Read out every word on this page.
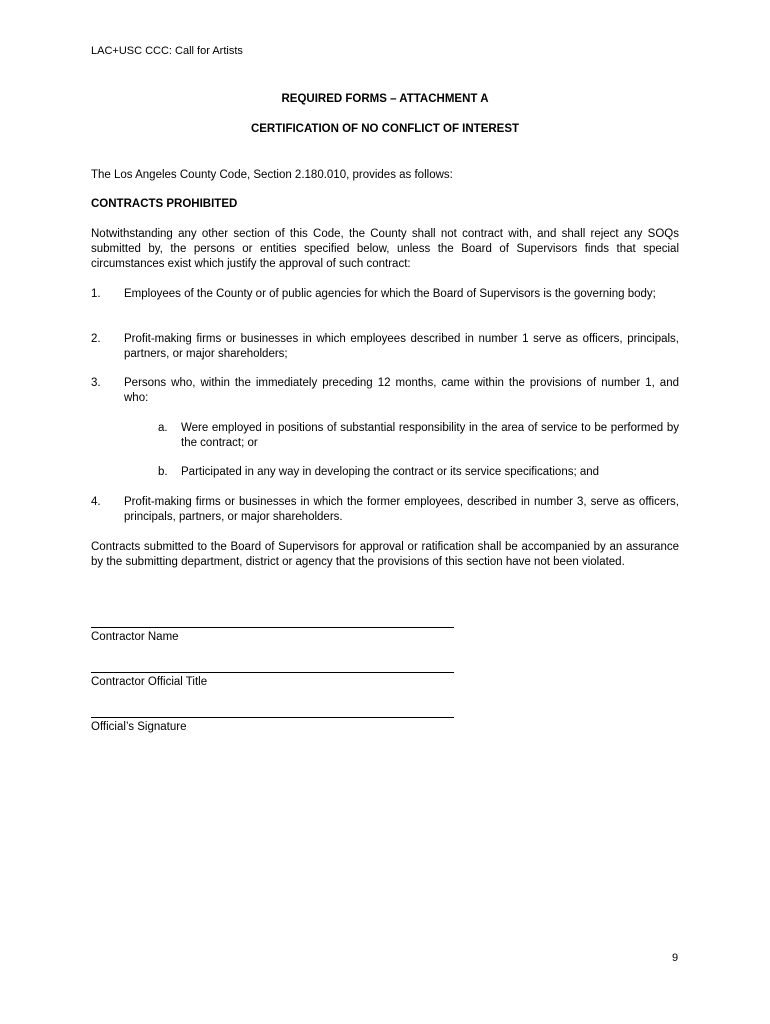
LAC+USC CCC: Call for Artists
REQUIRED FORMS – ATTACHMENT A
CERTIFICATION OF NO CONFLICT OF INTEREST
The Los Angeles County Code, Section 2.180.010, provides as follows:
CONTRACTS PROHIBITED
Notwithstanding any other section of this Code, the County shall not contract with, and shall reject any SOQs submitted by, the persons or entities specified below, unless the Board of Supervisors finds that special circumstances exist which justify the approval of such contract:
1. Employees of the County or of public agencies for which the Board of Supervisors is the governing body;
2. Profit-making firms or businesses in which employees described in number 1 serve as officers, principals, partners, or major shareholders;
3. Persons who, within the immediately preceding 12 months, came within the provisions of number 1, and who:
a. Were employed in positions of substantial responsibility in the area of service to be performed by the contract; or
b. Participated in any way in developing the contract or its service specifications; and
4. Profit-making firms or businesses in which the former employees, described in number 3, serve as officers, principals, partners, or major shareholders.
Contracts submitted to the Board of Supervisors for approval or ratification shall be accompanied by an assurance by the submitting department, district or agency that the provisions of this section have not been violated.
Contractor Name
Contractor Official Title
Official’s Signature
9
